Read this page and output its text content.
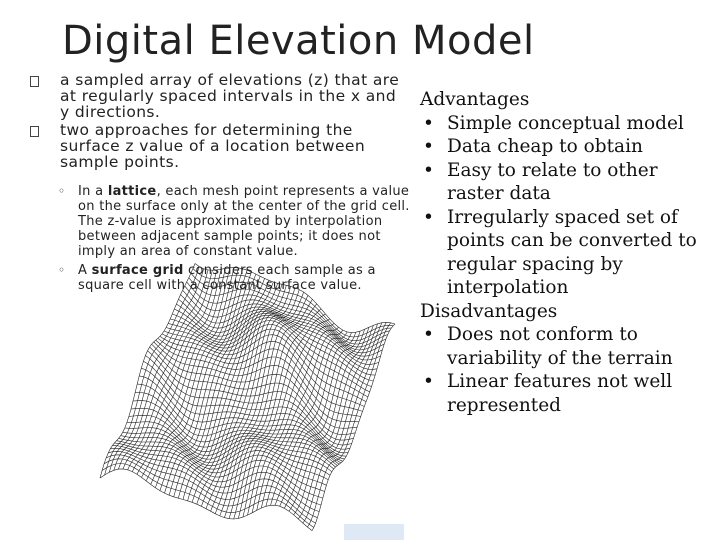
Digital Elevation Model
a sampled array of elevations (z) that are at regularly spaced intervals in the x and y directions.
two approaches for determining the surface z value of a location between sample points.
◦ In a lattice, each mesh point represents a value on the surface only at the center of the grid cell. The z-value is approximated by interpolation between adjacent sample points; it does not imply an area of constant value.
◦ A surface grid considers each sample as a square cell with a constant surface value.
Advantages
• Simple conceptual model
• Data cheap to obtain
• Easy to relate to other raster data
• Irregularly spaced set of points can be converted to regular spacing by interpolation
Disadvantages
• Does not conform to variability of the terrain
• Linear features not well represented
